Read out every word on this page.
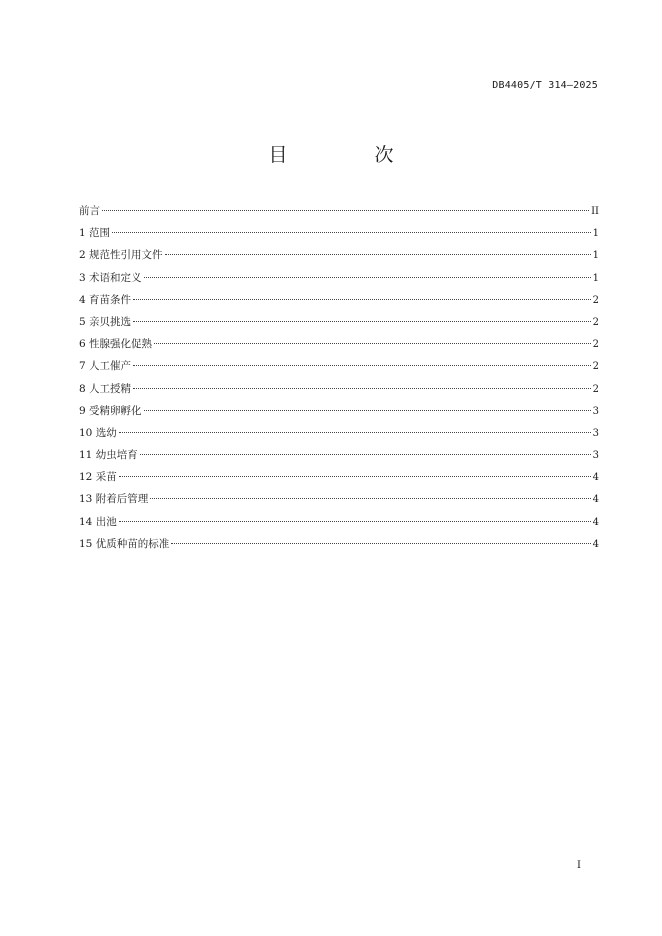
DB4405/T 314—2025
目　次
前言	II
1 范围	1
2 规范性引用文件	1
3 术语和定义	1
4 育苗条件	2
5 亲贝挑选	2
6 性腺强化促熟	2
7 人工催产	2
8 人工授精	2
9 受精卵孵化	3
10 选幼	3
11 幼虫培育	3
12 采苗	4
13 附着后管理	4
14 出池	4
15 优质种苗的标准	4
I
